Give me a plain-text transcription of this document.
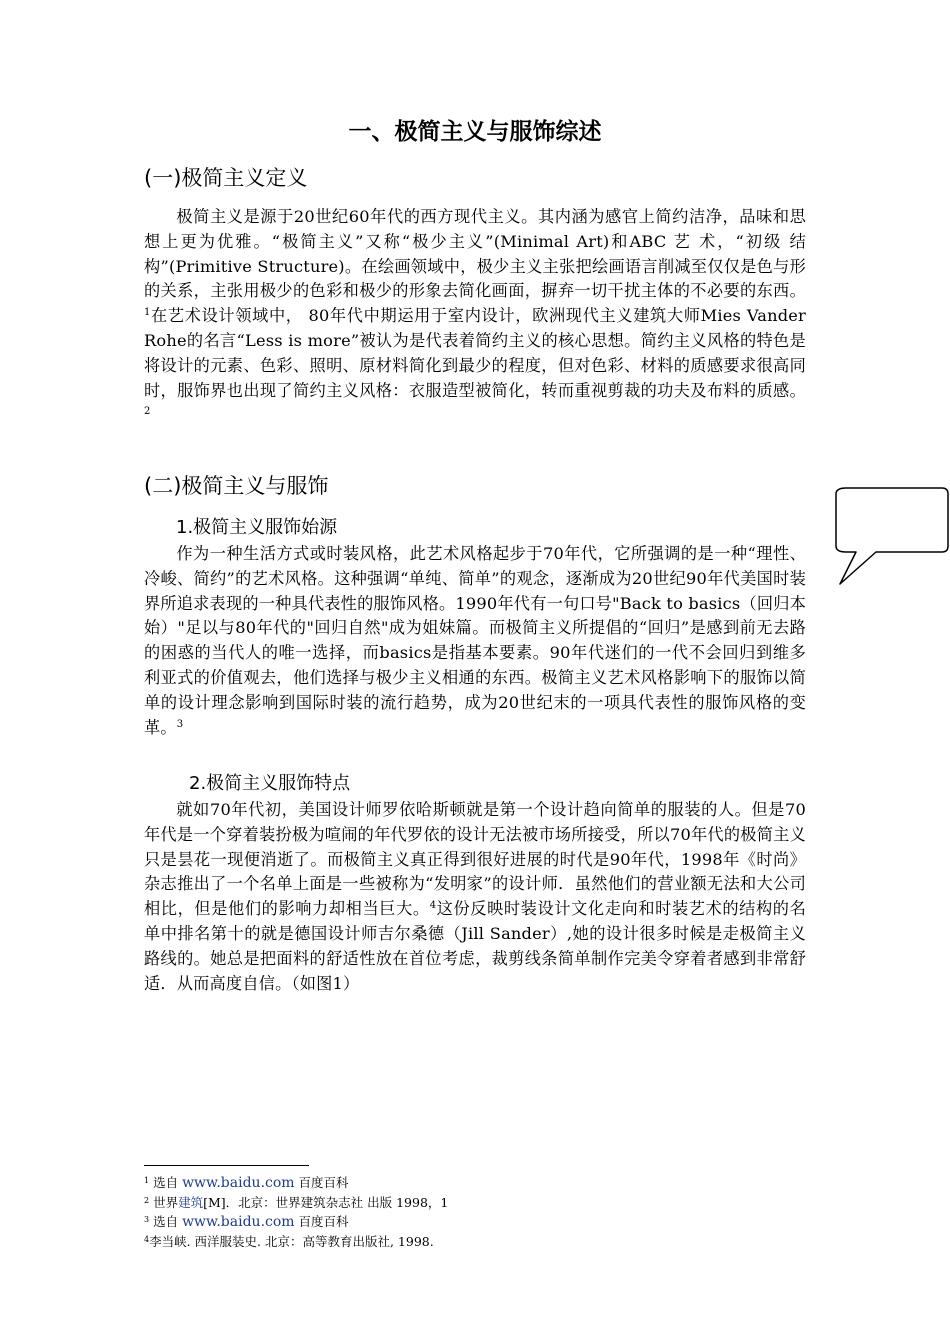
一、极简主义与服饰综述
(一)极简主义定义

极简主义是源于20世纪60年代的西方现代主义。其内涵为感官上简约洁净，品味和思想上更为优雅。“极简主义”又称“极少主义”(Minimal Art)和ABC 艺 术，“初级 结构”(Primitive Structure)。在绘画领域中，极少主义主张把绘画语言削减至仅仅是色与形的关系，主张用极少的色彩和极少的形象去简化画面，摒弃一切干扰主体的不必要的东西。$^1$在艺术设计领域中， 80年代中期运用于室内设计，欧洲现代主义建筑大师Mies Vander Rohe的名言“Less is more”被认为是代表着简约主义的核心思想。简约主义风格的特色是将设计的元素、色彩、照明、原材料简化到最少的程度，但对色彩、材料的质感要求很高同时，服饰界也出现了简约主义风格：衣服造型被简化，转而重视剪裁的功夫及布料的质感。$^2$

(二)极简主义与服饰
1.极简主义服饰始源

作为一种生活方式或时装风格，此艺术风格起步于70年代，它所强调的是一种“理性、冷峻、简约”的艺术风格。这种强调“单纯、简单”的观念，逐渐成为20世纪90年代美国时装界所追求表现的一种具代表性的服饰风格。1990年代有一句口号"Back to basics（回归本始）"足以与80年代的"回归自然"成为姐妹篇。而极简主义所提倡的“回归”是感到前无去路的困惑的当代人的唯一选择，而basics是指基本要素。90年代迷们的一代不会回归到维多利亚式的价值观去，他们选择与极少主义相通的东西。极简主义艺术风格影响下的服饰以简单的设计理念影响到国际时装的流行趋势，成为20世纪末的一项具代表性的服饰风格的变革。$^3$

2.极简主义服饰特点

就如70年代初，美国设计师罗依哈斯顿就是第一个设计趋向简单的服装的人。但是70年代是一个穿着装扮极为喧闹的年代罗依的设计无法被市场所接受，所以70年代的极简主义只是昙花一现便消逝了。而极简主义真正得到很好进展的时代是90年代，1998年《时尚》杂志推出了一个名单上面是一些被称为“发明家”的设计师．虽然他们的营业额无法和大公司相比，但是他们的影响力却相当巨大。$^4$这份反映时装设计文化走向和时装艺术的结构的名单中排名第十的就是德国设计师吉尔桑德（Jill Sander）,她的设计很多时候是走极简主义路线的。她总是把面料的舒适性放在首位考虑，裁剪线条简单制作完美令穿着者感到非常舒适．从而高度自信。（如图1）

$^1$ 选自 www.baidu.com 百度百科
$^2$ 世界建筑[M]．北京：世界建筑杂志社 出版 1998，1
$^3$ 选自 www.baidu.com 百度百科
$^4$李当峡. 西洋服装史. 北京：高等教育出版社, 1998.
